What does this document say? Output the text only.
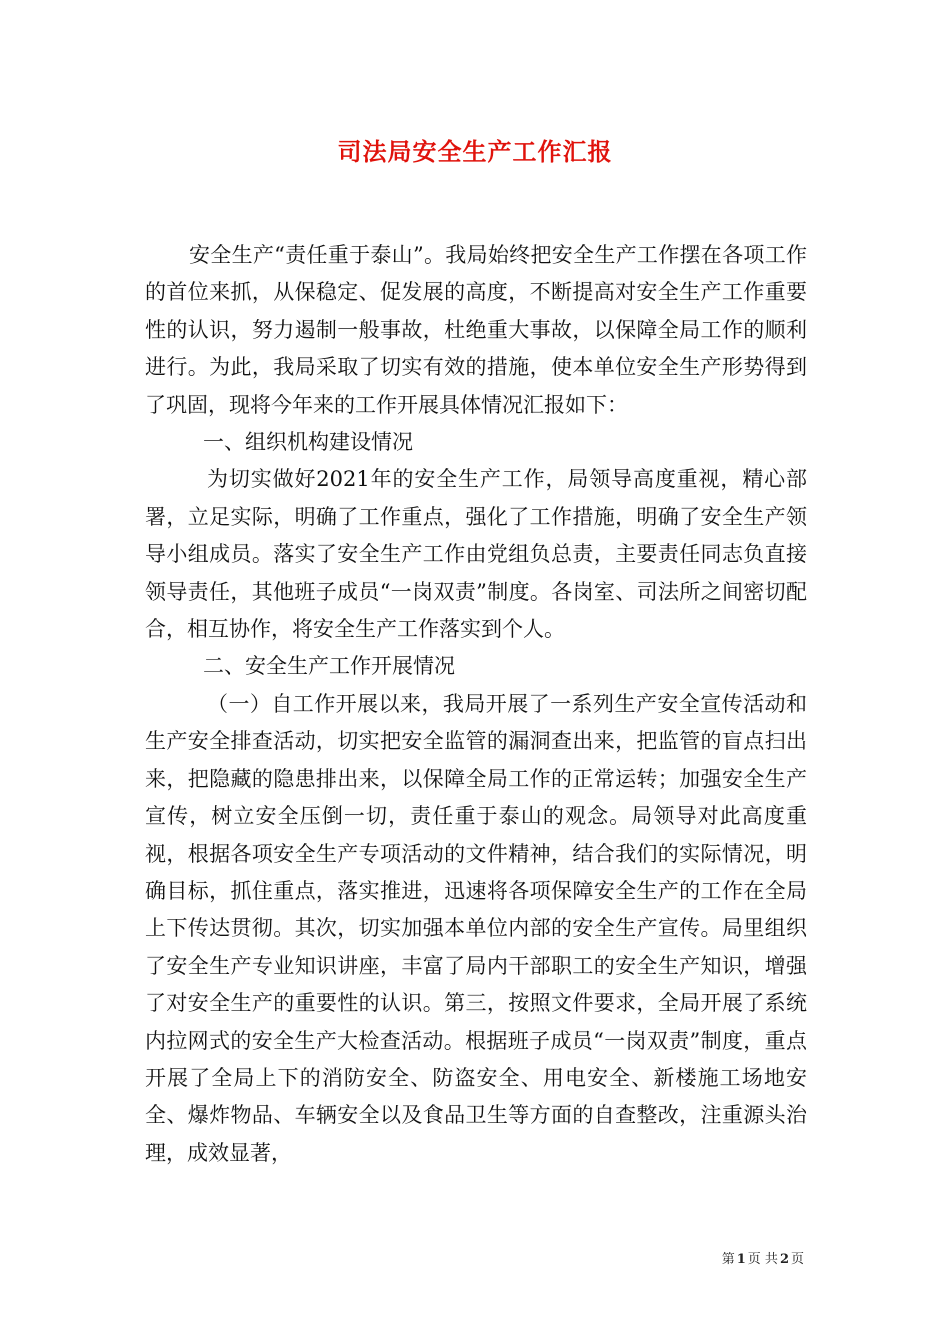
司法局安全生产工作汇报

安全生产“责任重于泰山”。我局始终把安全生产工作摆在各项工作的首位来抓，从保稳定、促发展的高度，不断提高对安全生产工作重要性的认识，努力遏制一般事故，杜绝重大事故，以保障全局工作的顺利进行。为此，我局采取了切实有效的措施，使本单位安全生产形势得到了巩固，现将今年来的工作开展具体情况汇报如下：

一、组织机构建设情况

为切实做好2021年的安全生产工作，局领导高度重视，精心部署，立足实际，明确了工作重点，强化了工作措施，明确了安全生产领导小组成员。落实了安全生产工作由党组负总责，主要责任同志负直接领导责任，其他班子成员“一岗双责”制度。各岗室、司法所之间密切配合，相互协作，将安全生产工作落实到个人。

二、安全生产工作开展情况

（一）自工作开展以来，我局开展了一系列生产安全宣传活动和生产安全排查活动，切实把安全监管的漏洞查出来，把监管的盲点扫出来，把隐藏的隐患排出来，以保障全局工作的正常运转；加强安全生产宣传，树立安全压倒一切，责任重于泰山的观念。局领导对此高度重视，根据各项安全生产专项活动的文件精神，结合我们的实际情况，明确目标，抓住重点，落实推进，迅速将各项保障安全生产的工作在全局上下传达贯彻。其次，切实加强本单位内部的安全生产宣传。局里组织了安全生产专业知识讲座，丰富了局内干部职工的安全生产知识，增强了对安全生产的重要性的认识。第三，按照文件要求，全局开展了系统内拉网式的安全生产大检查活动。根据班子成员“一岗双责”制度，重点开展了全局上下的消防安全、防盗安全、用电安全、新楼施工场地安全、爆炸物品、车辆安全以及食品卫生等方面的自查整改，注重源头治理，成效显著，

第 1 页 共 2 页
